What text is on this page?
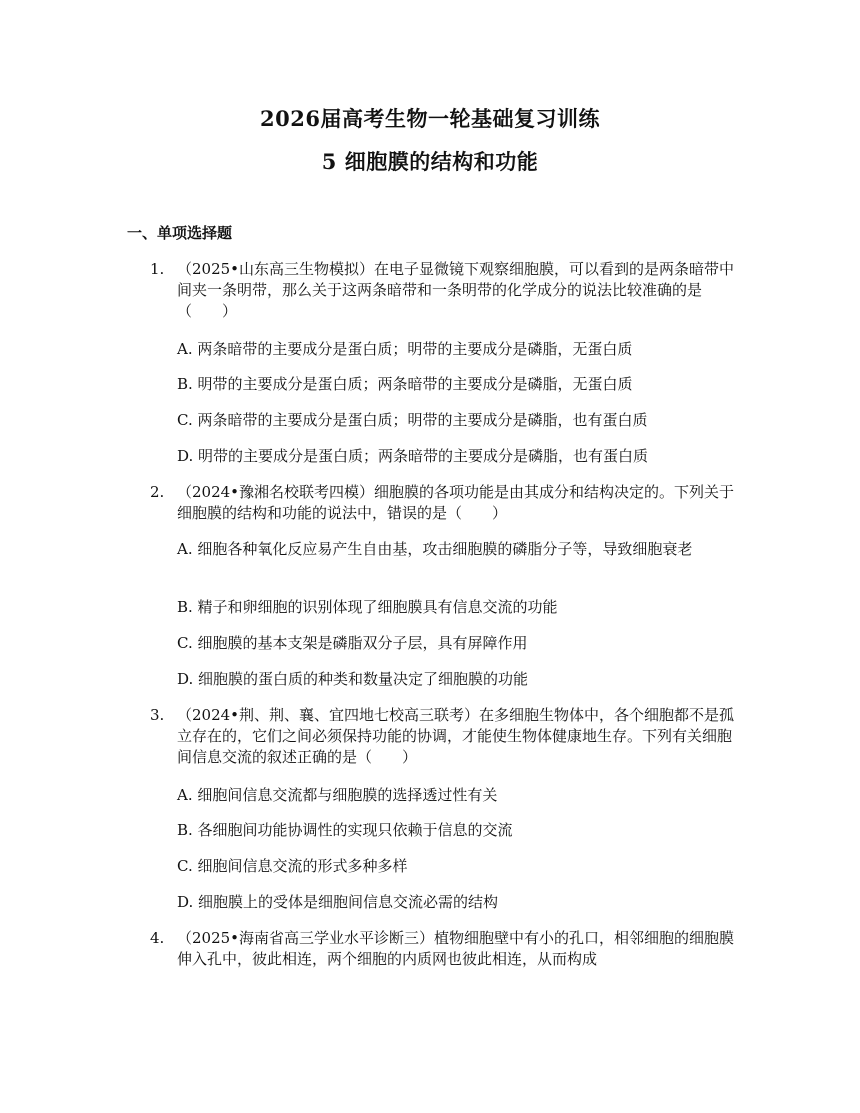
2026届高考生物一轮基础复习训练
5 细胞膜的结构和功能
一、单项选择题
1. （2025•山东高三生物模拟）在电子显微镜下观察细胞膜，可以看到的是两条暗带中间夹一条明带，那么关于这两条暗带和一条明带的化学成分的说法比较准确的是（　　）
A. 两条暗带的主要成分是蛋白质；明带的主要成分是磷脂，无蛋白质
B. 明带的主要成分是蛋白质；两条暗带的主要成分是磷脂，无蛋白质
C. 两条暗带的主要成分是蛋白质；明带的主要成分是磷脂，也有蛋白质
D. 明带的主要成分是蛋白质；两条暗带的主要成分是磷脂，也有蛋白质
2. （2024•豫湘名校联考四模）细胞膜的各项功能是由其成分和结构决定的。下列关于细胞膜的结构和功能的说法中，错误的是（　　）
A. 细胞各种氧化反应易产生自由基，攻击细胞膜的磷脂分子等，导致细胞衰老
B. 精子和卵细胞的识别体现了细胞膜具有信息交流的功能
C. 细胞膜的基本支架是磷脂双分子层，具有屏障作用
D. 细胞膜的蛋白质的种类和数量决定了细胞膜的功能
3. （2024•荆、荆、襄、宜四地七校高三联考）在多细胞生物体中，各个细胞都不是孤立存在的，它们之间必须保持功能的协调，才能使生物体健康地生存。下列有关细胞间信息交流的叙述正确的是（　　）
A. 细胞间信息交流都与细胞膜的选择透过性有关
B. 各细胞间功能协调性的实现只依赖于信息的交流
C. 细胞间信息交流的形式多种多样
D. 细胞膜上的受体是细胞间信息交流必需的结构
4. （2025•海南省高三学业水平诊断三）植物细胞壁中有小的孔口，相邻细胞的细胞膜伸入孔中，彼此相连，两个细胞的内质网也彼此相连，从而构成
